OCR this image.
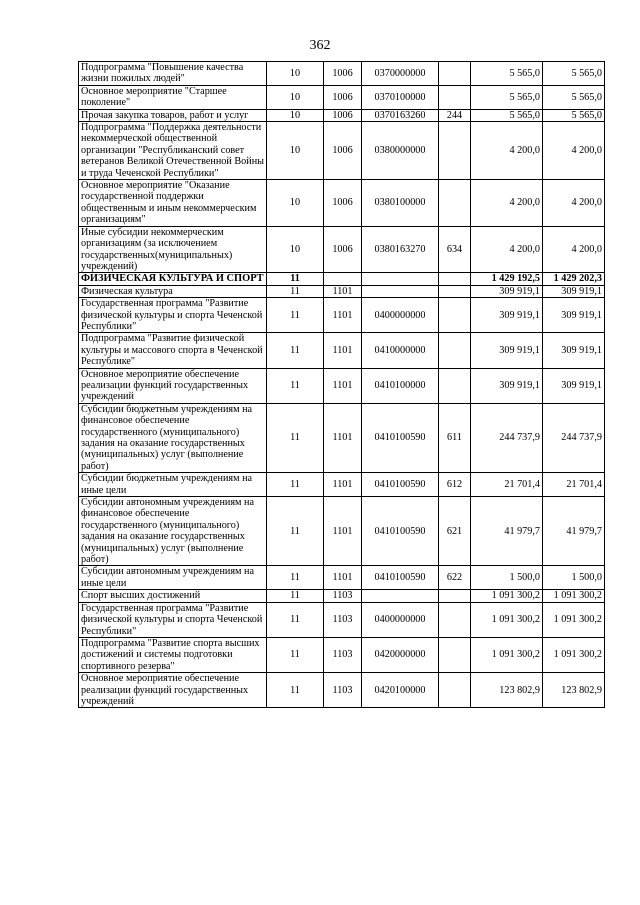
362
Подпрограмма "Повышение качества жизни пожилых людей"	10	1006	0370000000		5 565,0	5 565,0
Основное мероприятие "Старшее поколение"	10	1006	0370100000		5 565,0	5 565,0
Прочая закупка товаров, работ и услуг	10	1006	0370163260	244	5 565,0	5 565,0
Подпрограмма "Поддержка деятельности некоммерческой общественной организации "Республиканский совет ветеранов Великой Отечественной Войны и труда Чеченской Республики"	10	1006	0380000000		4 200,0	4 200,0
Основное мероприятие "Оказание государственной поддержки общественным и иным некоммерческим организациям"	10	1006	0380100000		4 200,0	4 200,0
Иные субсидии некоммерческим организациям (за исключением государственных(муниципальных) учреждений)	10	1006	0380163270	634	4 200,0	4 200,0
ФИЗИЧЕСКАЯ КУЛЬТУРА И СПОРТ	11				1 429 192,5	1 429 202,3
Физическая культура	11	1101			309 919,1	309 919,1
Государственная программа "Развитие физической культуры и спорта Чеченской Республики"	11	1101	0400000000		309 919,1	309 919,1
Подпрограмма "Развитие физической культуры и массового спорта в Чеченской Республике"	11	1101	0410000000		309 919,1	309 919,1
Основное мероприятие обеспечение реализации функций государственных учреждений	11	1101	0410100000		309 919,1	309 919,1
Субсидии бюджетным учреждениям на финансовое обеспечение государственного (муниципального) задания на оказание государственных (муниципальных) услуг (выполнение работ)	11	1101	0410100590	611	244 737,9	244 737,9
Субсидии бюджетным учреждениям на иные цели	11	1101	0410100590	612	21 701,4	21 701,4
Субсидии автономным учреждениям на финансовое обеспечение государственного (муниципального) задания на оказание государственных (муниципальных) услуг (выполнение работ)	11	1101	0410100590	621	41 979,7	41 979,7
Субсидии автономным учреждениям на иные цели	11	1101	0410100590	622	1 500,0	1 500,0
Спорт высших достижений	11	1103			1 091 300,2	1 091 300,2
Государственная программа "Развитие физической культуры и спорта Чеченской Республики"	11	1103	0400000000		1 091 300,2	1 091 300,2
Подпрограмма "Развитие спорта высших достижений и системы подготовки спортивного резерва"	11	1103	0420000000		1 091 300,2	1 091 300,2
Основное мероприятие обеспечение реализации функций государственных учреждений	11	1103	0420100000		123 802,9	123 802,9
